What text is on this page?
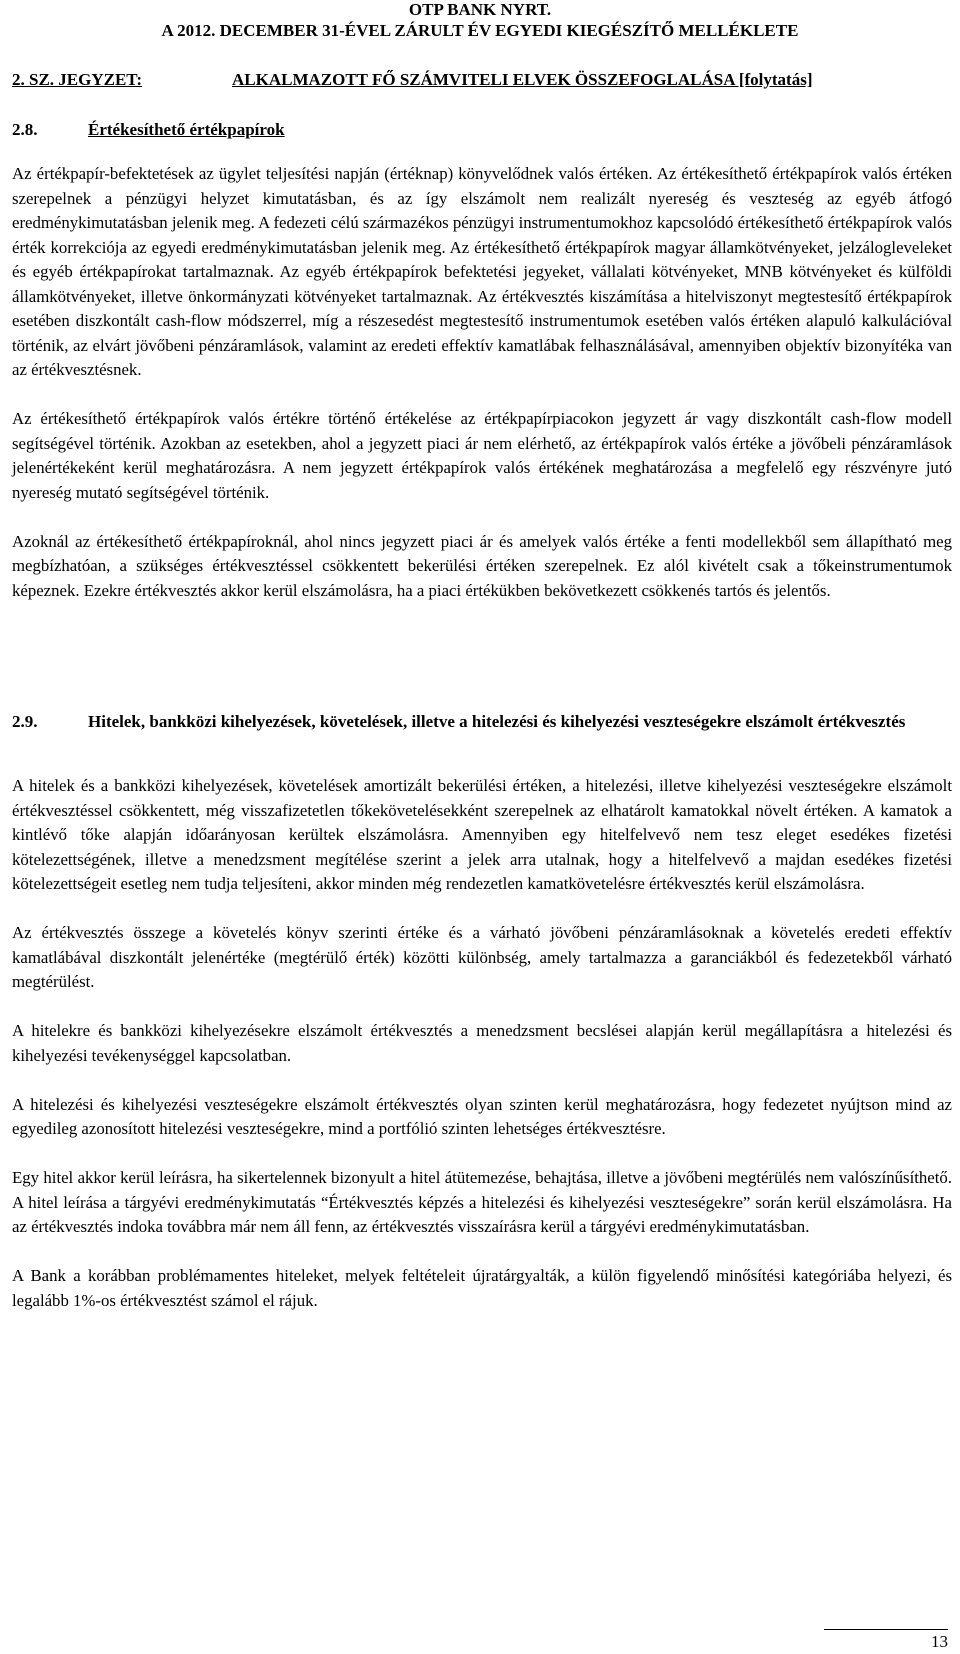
OTP BANK NYRT.
A 2012. DECEMBER 31-ÉVEL ZÁRULT ÉV EGYEDI KIEGÉSZÍTŐ MELLÉKLETE
2. SZ. JEGYZET:	ALKALMAZOTT FŐ SZÁMVITELI ELVEK ÖSSZEFOGLALÁSA [folytatás]
2.8.	Értékesíthető értékpapírok

Az értékpapír-befektetések az ügylet teljesítési napján (értéknap) könyvelődnek valós értéken. Az értékesíthető értékpapírok valós értéken szerepelnek a pénzügyi helyzet kimutatásban, és az így elszámolt nem realizált nyereség és veszteség az egyéb átfogó eredménykimutatásban jelenik meg. A fedezeti célú származékos pénzügyi instrumentumokhoz kapcsolódó értékesíthető értékpapírok valós érték korrekciója az egyedi eredménykimutatásban jelenik meg. Az értékesíthető értékpapírok magyar államkötvényeket, jelzálogleveleket és egyéb értékpapírokat tartalmaznak. Az egyéb értékpapírok befektetési jegyeket, vállalati kötvényeket, MNB kötvényeket és külföldi államkötvényeket, illetve önkormányzati kötvényeket tartalmaznak. Az értékvesztés kiszámítása a hitelviszonyt megtestesítő értékpapírok esetében diszkontált cash-flow módszerrel, míg a részesedést megtestesítő instrumentumok esetében valós értéken alapuló kalkulációval történik, az elvárt jövőbeni pénzáramlások, valamint az eredeti effektív kamatlábak felhasználásával, amennyiben objektív bizonyítéka van az értékvesztésnek.

Az értékesíthető értékpapírok valós értékre történő értékelése az értékpapírpiacokon jegyzett ár vagy diszkontált cash-flow modell segítségével történik. Azokban az esetekben, ahol a jegyzett piaci ár nem elérhető, az értékpapírok valós értéke a jövőbeli pénzáramlások jelenértékeként kerül meghatározásra. A nem jegyzett értékpapírok valós értékének meghatározása a megfelelő egy részvényre jutó nyereség mutató segítségével történik.

Azoknál az értékesíthető értékpapíroknál, ahol nincs jegyzett piaci ár és amelyek valós értéke a fenti modellekből sem állapítható meg megbízhatóan, a szükséges értékvesztéssel csökkentett bekerülési értéken szerepelnek. Ez alól kivételt csak a tőkeinstrumentumok képeznek. Ezekre értékvesztés akkor kerül elszámolásra, ha a piaci értékükben bekövetkezett csökkenés tartós és jelentős.

2.9.	Hitelek, bankközi kihelyezések, követelések, illetve a hitelezési és kihelyezési veszteségekre elszámolt értékvesztés

A hitelek és a bankközi kihelyezések, követelések amortizált bekerülési értéken, a hitelezési, illetve kihelyezési veszteségekre elszámolt értékvesztéssel csökkentett, még visszafizetetlen tőkekövetelésekként szerepelnek az elhatárolt kamatokkal növelt értéken. A kamatok a kintlévő tőke alapján időarányosan kerültek elszámolásra. Amennyiben egy hitelfelvevő nem tesz eleget esedékes fizetési kötelezettségének, illetve a menedzsment megítélése szerint a jelek arra utalnak, hogy a hitelfelvevő a majdan esedékes fizetési kötelezettségeit esetleg nem tudja teljesíteni, akkor minden még rendezetlen kamatkövetelésre értékvesztés kerül elszámolásra.

Az értékvesztés összege a követelés könyv szerinti értéke és a várható jövőbeni pénzáramlásoknak a követelés eredeti effektív kamatlábával diszkontált jelenértéke (megtérülő érték) közötti különbség, amely tartalmazza a garanciákból és fedezetekből várható megtérülést.

A hitelekre és bankközi kihelyezésekre elszámolt értékvesztés a menedzsment becslései alapján kerül megállapításra a hitelezési és kihelyezési tevékenységgel kapcsolatban.

A hitelezési és kihelyezési veszteségekre elszámolt értékvesztés olyan szinten kerül meghatározásra, hogy fedezetet nyújtson mind az egyedileg azonosított hitelezési veszteségekre, mind a portfólió szinten lehetséges értékvesztésre.

Egy hitel akkor kerül leírásra, ha sikertelennek bizonyult a hitel átütemezése, behajtása, illetve a jövőbeni megtérülés nem valószínűsíthető. A hitel leírása a tárgyévi eredménykimutatás “Értékvesztés képzés a hitelezési és kihelyezési veszteségekre” során kerül elszámolásra. Ha az értékvesztés indoka továbbra már nem áll fenn, az értékvesztés visszaírásra kerül a tárgyévi eredménykimutatásban.

A Bank a korábban problémamentes hiteleket, melyek feltételeit újratárgyalták, a külön figyelendő minősítési kategóriába helyezi, és legalább 1%-os értékvesztést számol el rájuk.

13
